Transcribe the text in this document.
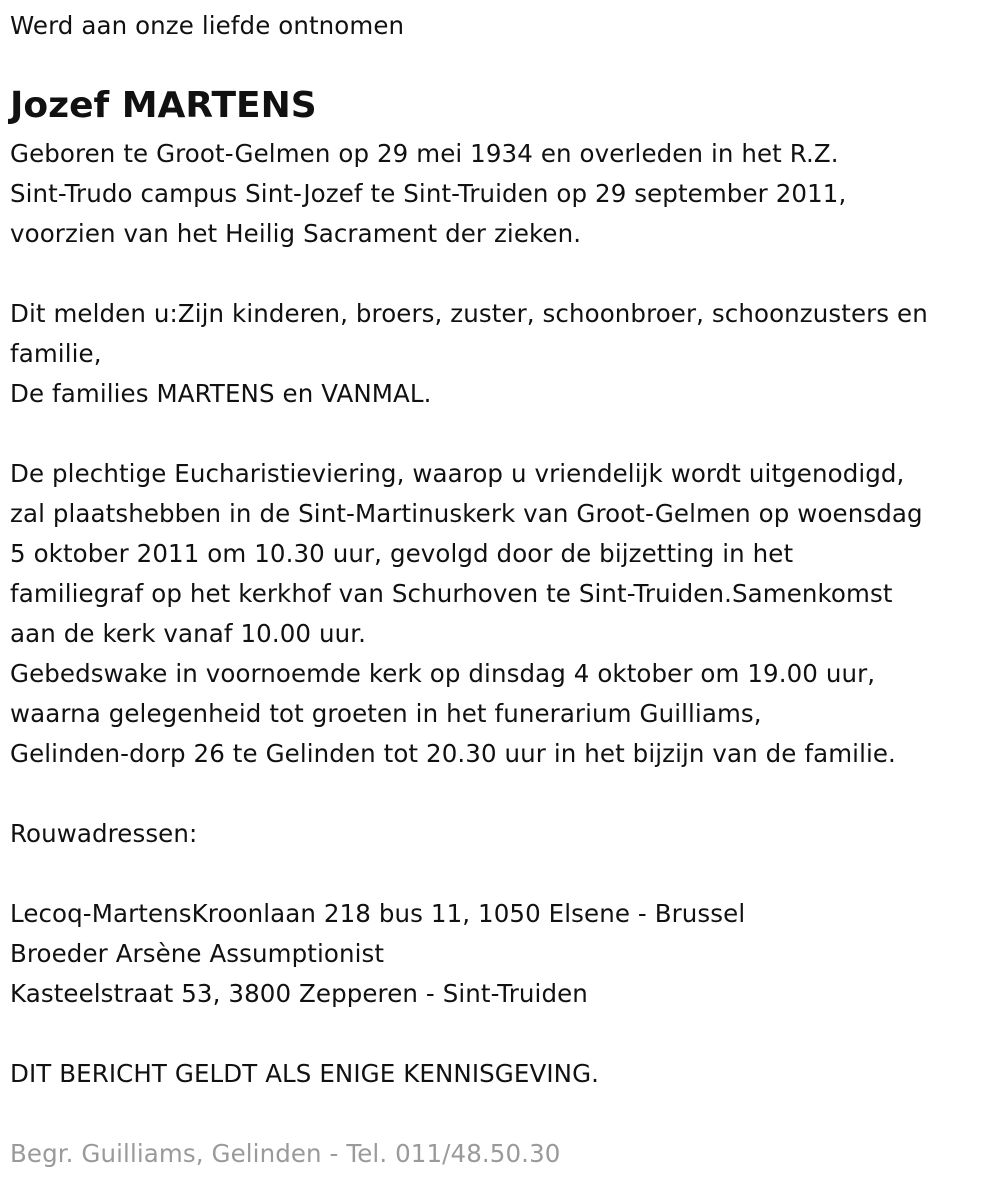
Werd aan onze liefde ontnomen
Jozef MARTENS
Geboren te Groot-Gelmen op 29 mei 1934 en overleden in het R.Z.
Sint-Trudo campus Sint-Jozef te Sint-Truiden op 29 september 2011,
voorzien van het Heilig Sacrament der zieken.
Dit melden u:Zijn kinderen, broers, zuster, schoonbroer, schoonzusters en
familie,
De families MARTENS en VANMAL.
De plechtige Eucharistieviering, waarop u vriendelijk wordt uitgenodigd,
zal plaatshebben in de Sint-Martinuskerk van Groot-Gelmen op woensdag
5 oktober 2011 om 10.30 uur, gevolgd door de bijzetting in het
familiegraf op het kerkhof van Schurhoven te Sint-Truiden.Samenkomst
aan de kerk vanaf 10.00 uur.
Gebedswake in voornoemde kerk op dinsdag 4 oktober om 19.00 uur,
waarna gelegenheid tot groeten in het funerarium Guilliams,
Gelinden-dorp 26 te Gelinden tot 20.30 uur in het bijzijn van de familie.
Rouwadressen:
Lecoq-MartensKroonlaan 218 bus 11, 1050 Elsene - Brussel
Broeder Arsène Assumptionist
Kasteelstraat 53, 3800 Zepperen - Sint-Truiden
DIT BERICHT GELDT ALS ENIGE KENNISGEVING.
Begr. Guilliams, Gelinden - Tel. 011/48.50.30
